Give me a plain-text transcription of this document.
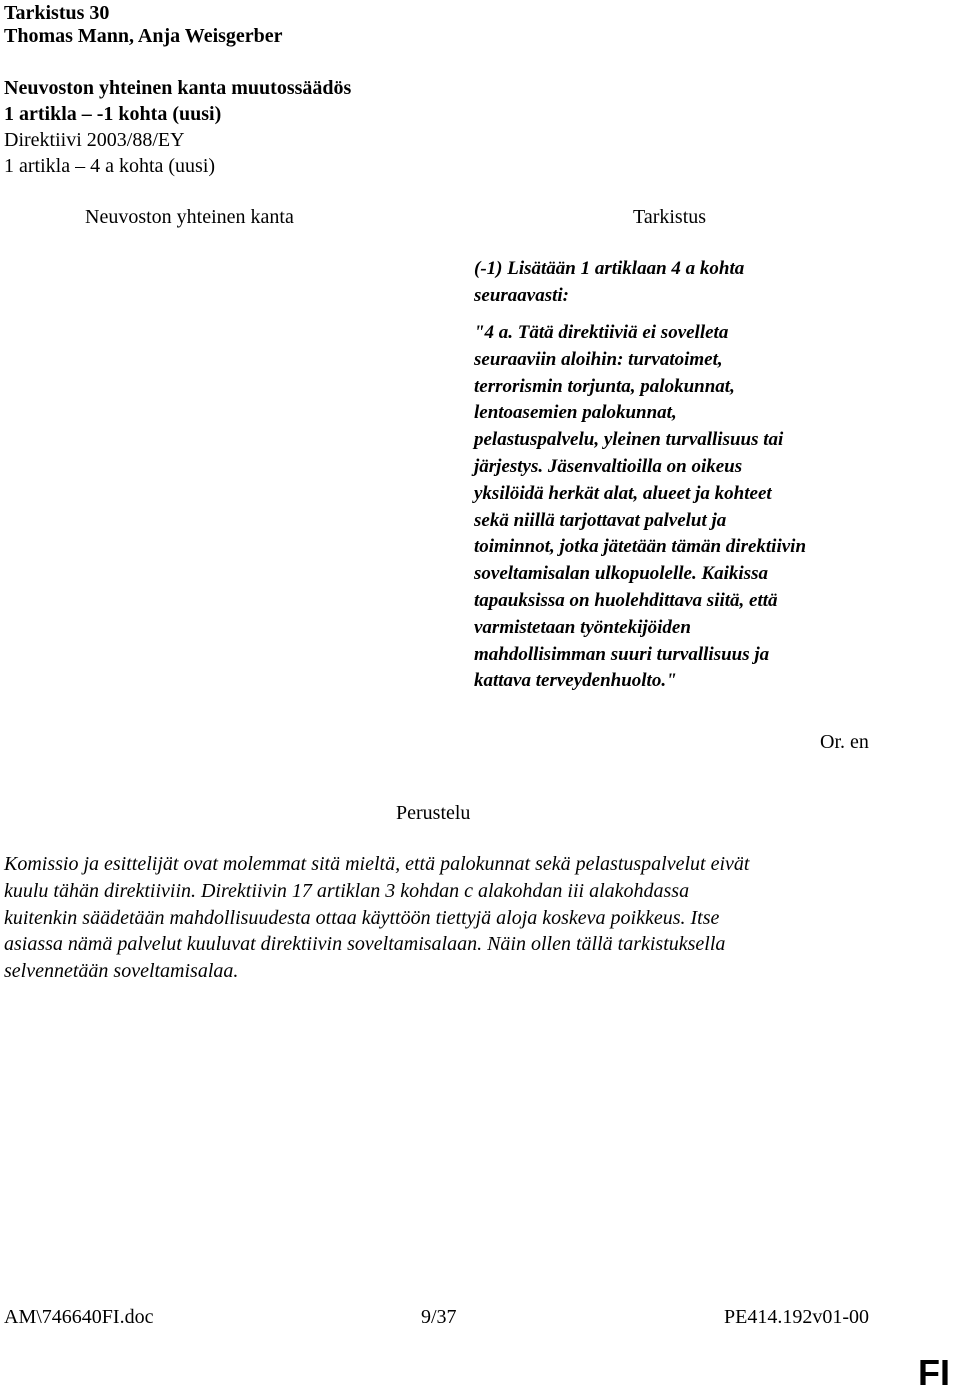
Tarkistus 30
Thomas Mann, Anja Weisgerber
Neuvoston yhteinen kanta muutossäädös
1 artikla – -1 kohta (uusi)
Direktiivi 2003/88/EY
1 artikla – 4 a kohta (uusi)
Neuvoston yhteinen kanta	Tarkistus

(-1) Lisätään 1 artiklaan 4 a kohta
seuraavasti:

"4 a. Tätä direktiiviä ei sovelleta
seuraaviin aloihin: turvatoimet,
terrorismin torjunta, palokunnat,
lentoasemien palokunnat,
pelastuspalvelu, yleinen turvallisuus tai
järjestys. Jäsenvaltioilla on oikeus
yksilöidä herkät alat, alueet ja kohteet
sekä niillä tarjottavat palvelut ja
toiminnot, jotka jätetään tämän direktiivin
soveltamisalan ulkopuolelle. Kaikissa
tapauksissa on huolehdittava siitä, että
varmistetaan työntekijöiden
mahdollisimman suuri turvallisuus ja
kattava terveydenhuolto."

Or. en
Perustelu

Komissio ja esittelijät ovat molemmat sitä mieltä, että palokunnat sekä pelastuspalvelut eivät
kuulu tähän direktiiviin. Direktiivin 17 artiklan 3 kohdan c alakohdan iii alakohdassa
kuitenkin säädetään mahdollisuudesta ottaa käyttöön tiettyjä aloja koskeva poikkeus. Itse
asiassa nämä palvelut kuuluvat direktiivin soveltamisalaan. Näin ollen tällä tarkistuksella
selvennetään soveltamisalaa.

AM\746640FI.doc	9/37	PE414.192v01-00
FI
